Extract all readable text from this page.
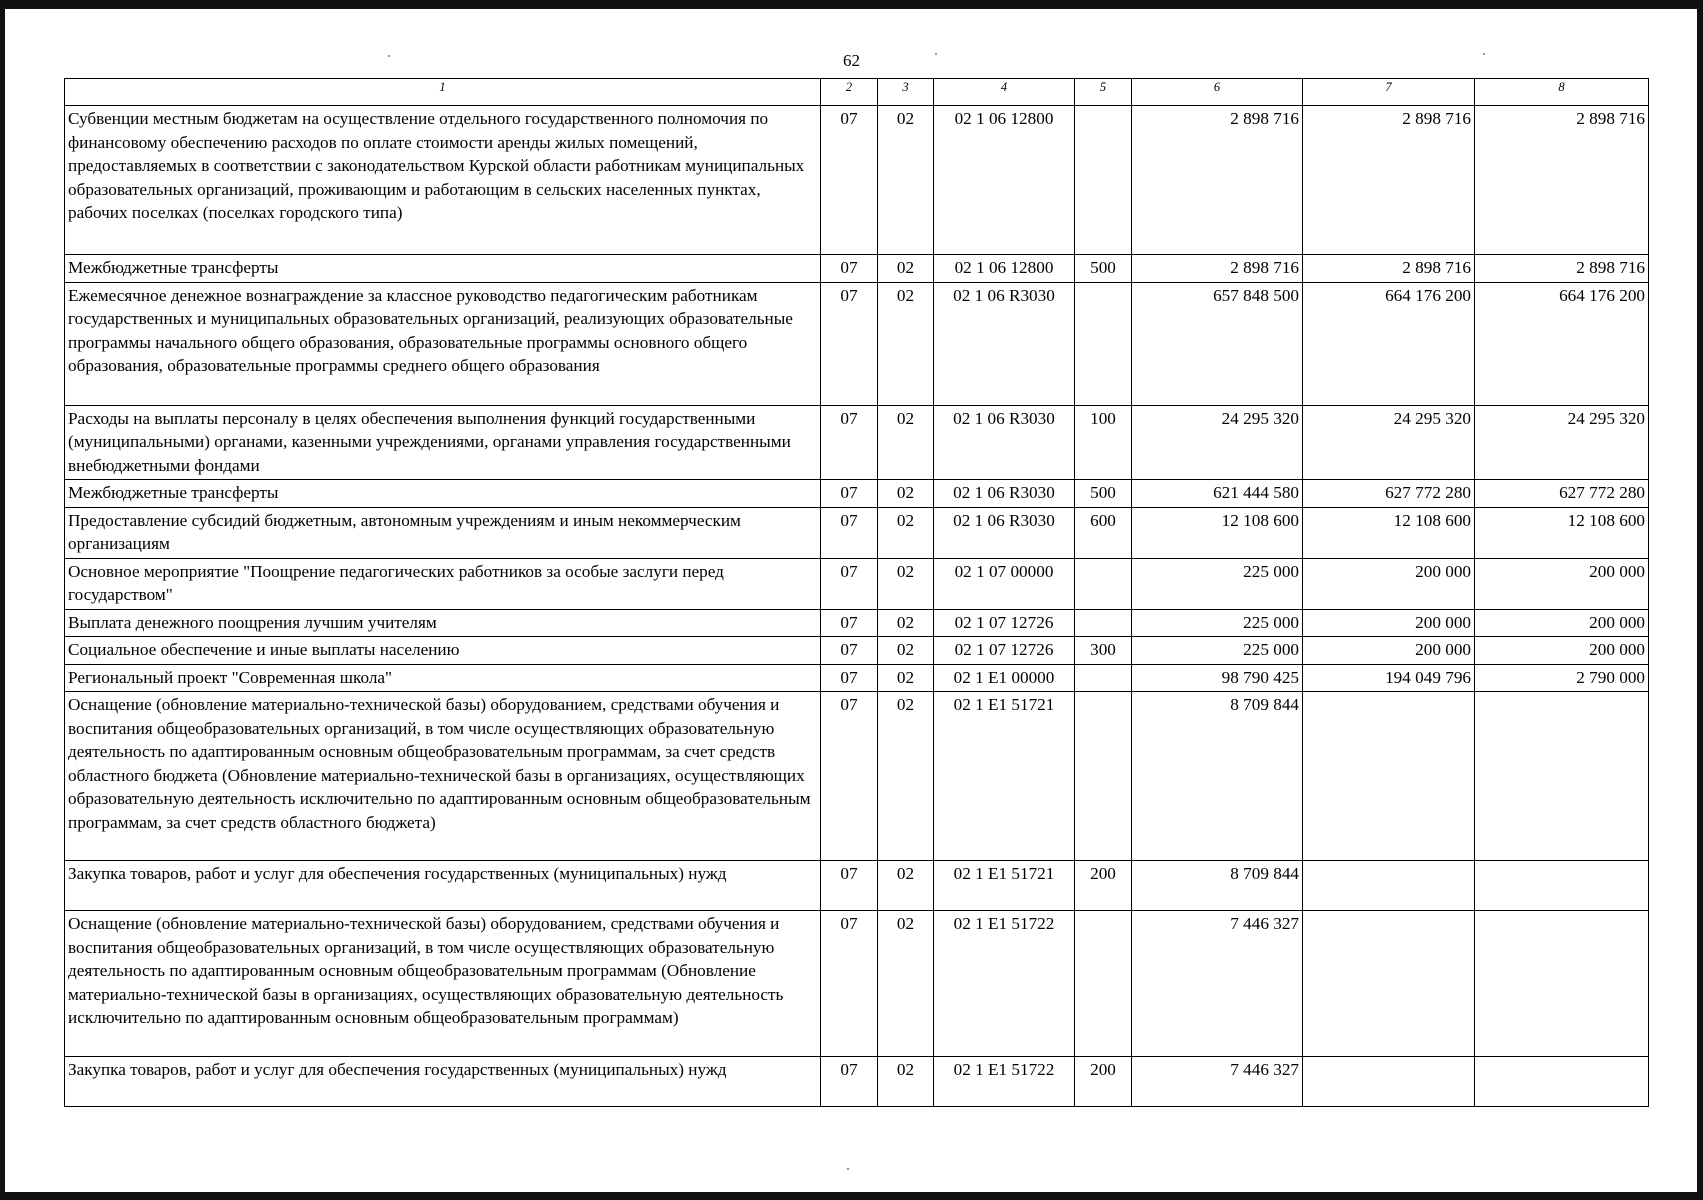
62
1	2	3	4	5	6	7	8
Субвенции местным бюджетам на осуществление отдельного государственного полномочия по финансовому обеспечению расходов по оплате стоимости аренды жилых помещений, предоставляемых в соответствии с законодательством Курской области работникам муниципальных образовательных организаций, проживающим и работающим в сельских населенных пунктах, рабочих поселках (поселках городского типа)	07	02	02 1 06 12800		2 898 716	2 898 716	2 898 716
Межбюджетные трансферты	07	02	02 1 06 12800	500	2 898 716	2 898 716	2 898 716
Ежемесячное денежное вознаграждение за классное руководство педагогическим работникам государственных и муниципальных образовательных организаций, реализующих образовательные программы начального общего образования, образовательные программы основного общего образования, образовательные программы среднего общего образования	07	02	02 1 06 R3030		657 848 500	664 176 200	664 176 200
Расходы на выплаты персоналу в целях обеспечения выполнения функций государственными (муниципальными) органами, казенными учреждениями, органами управления государственными внебюджетными фондами	07	02	02 1 06 R3030	100	24 295 320	24 295 320	24 295 320
Межбюджетные трансферты	07	02	02 1 06 R3030	500	621 444 580	627 772 280	627 772 280
Предоставление субсидий бюджетным, автономным учреждениям и иным некоммерческим организациям	07	02	02 1 06 R3030	600	12 108 600	12 108 600	12 108 600
Основное мероприятие "Поощрение педагогических работников за особые заслуги перед государством"	07	02	02 1 07 00000		225 000	200 000	200 000
Выплата денежного поощрения лучшим учителям	07	02	02 1 07 12726		225 000	200 000	200 000
Социальное обеспечение и иные выплаты населению	07	02	02 1 07 12726	300	225 000	200 000	200 000
Региональный проект "Современная школа"	07	02	02 1 E1 00000		98 790 425	194 049 796	2 790 000
Оснащение (обновление материально-технической базы) оборудованием, средствами обучения и воспитания общеобразовательных организаций, в том числе осуществляющих образовательную деятельность по адаптированным основным общеобразовательным программам, за счет средств областного бюджета (Обновление материально-технической базы в организациях, осуществляющих образовательную деятельность исключительно по адаптированным основным общеобразовательным программам, за счет средств областного бюджета)	07	02	02 1 E1 51721		8 709 844		
Закупка товаров, работ и услуг для обеспечения государственных (муниципальных) нужд	07	02	02 1 E1 51721	200	8 709 844		
Оснащение (обновление материально-технической базы) оборудованием, средствами обучения и воспитания общеобразовательных организаций, в том числе осуществляющих образовательную деятельность по адаптированным основным общеобразовательным программам (Обновление материально-технической базы в организациях, осуществляющих образовательную деятельность исключительно по адаптированным основным общеобразовательным программам)	07	02	02 1 E1 51722		7 446 327		
Закупка товаров, работ и услуг для обеспечения государственных (муниципальных) нужд	07	02	02 1 E1 51722	200	7 446 327		
